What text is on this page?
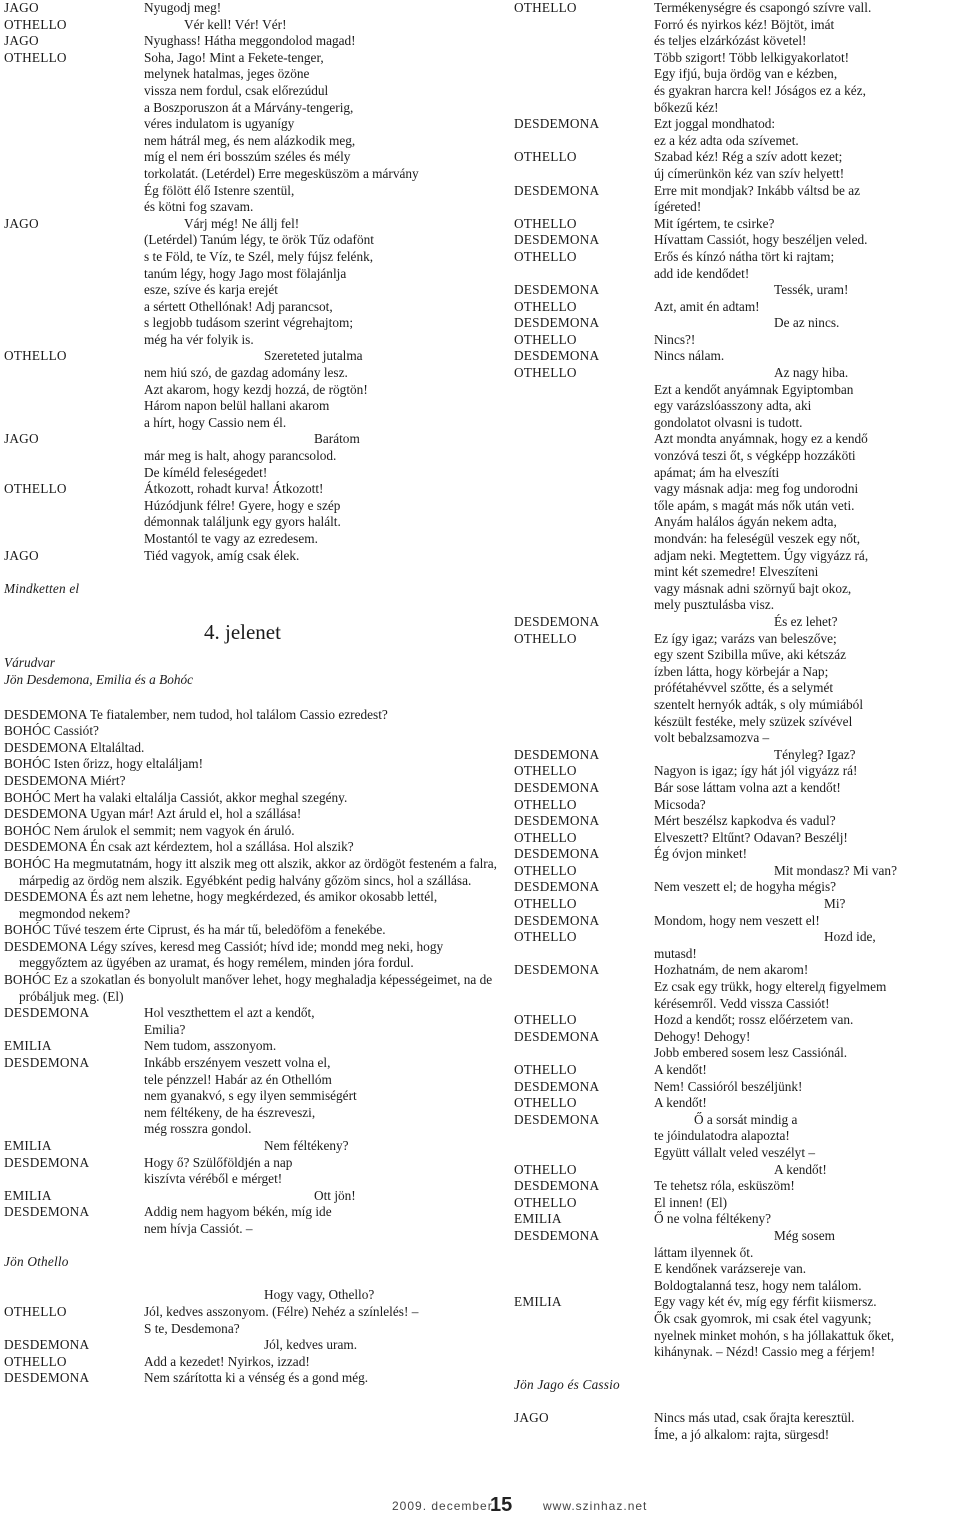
JAGO	Nyugodj meg!
OTHELLO	Vér kell! Vér! Vér!
JAGO	Nyughass! Hátha meggondolod magad!
OTHELLO	Soha, Jago! Mint a Fekete-tenger,
melynek hatalmas, jeges özöne
vissza nem fordul, csak előrezúdul
a Boszporuszon át a Márvány-tengerig,
véres indulatom is ugyanígy
nem hátrál meg, és nem alázkodik meg,
míg el nem éri bosszúm széles és mély
torkolatát. (Letérdel) Erre megesküszöm a márvány
Ég fölött élő Istenre szentül,
és kötni fog szavam.
JAGO	Várj még! Ne állj fel!
(Letérdel) Tanúm légy, te örök Tűz odafönt
s te Föld, te Víz, te Szél, mely fújsz felénk,
tanúm légy, hogy Jago most fölajánlja
esze, szíve és karja erejét
a sértett Othellónak! Adj parancsot,
s legjobb tudásom szerint végrehajtom;
még ha vér folyik is.
OTHELLO	Szereteted jutalma
nem hiú szó, de gazdag adomány lesz.
Azt akarom, hogy kezdj hozzá, de rögtön!
Három napon belül hallani akarom
a hírt, hogy Cassio nem él.
JAGO	Barátom
már meg is halt, ahogy parancsolod.
De kíméld feleségedet!
OTHELLO	Átkozott, rohadt kurva! Átkozott!
Húzódjunk félre! Gyere, hogy e szép
démonnak találjunk egy gyors halált.
Mostantól te vagy az ezredesem.
JAGO	Tiéd vagyok, amíg csak élek.
Mindketten el
4. jelenet
Várudvar
Jön Desdemona, Emilia és a Bohóc
DESDEMONA Te fiatalember, nem tudod, hol találom Cassio ezredest?
BOHÓC Cassiót?
DESDEMONA Eltaláltad.
BOHÓC Isten őrizz, hogy eltaláljam!
DESDEMONA Miért?
BOHÓC Mert ha valaki eltalálja Cassiót, akkor meghal szegény.
DESDEMONA Ugyan már! Azt áruld el, hol a szállása!
BOHÓC Nem árulok el semmit; nem vagyok én áruló.
DESDEMONA Én csak azt kérdeztem, hol a szállása. Hol alszik?
BOHÓC Ha megmutatnám, hogy itt alszik meg ott alszik, akkor az ördögöt festeném a falra, márpedig az ördög nem alszik. Egyébként pedig halvány gőzöm sincs, hol a szállása.
DESDEMONA És azt nem lehetne, hogy megkérdezed, és amikor okosabb lettél, megmondod nekem?
BOHÓC Tűvé teszem érte Ciprust, és ha már tű, beledöföm a fenekébe.
DESDEMONA Légy szíves, keresd meg Cassiót; hívd ide; mondd meg neki, hogy meggyőztem az ügyében az uramat, és hogy remélem, minden jóra fordul.
BOHÓC Ez a szokatlan és bonyolult manőver lehet, hogy meghaladja képességeimet, na de próbáljuk meg. (El)
DESDEMONA	Hol veszthettem el azt a kendőt,
Emilia?
EMILIA	Nem tudom, asszonyom.
DESDEMONA	Inkább erszényem veszett volna el,
tele pénzzel! Habár az én Othellóm
nem gyanakvó, s egy ilyen semmiségért
nem féltékeny, de ha észreveszi,
még rosszra gondol.
EMILIA	Nem féltékeny?
DESDEMONA	Hogy ő? Szülőföldjén a nap
kiszívta véréből e mérget!
EMILIA	Ott jön!
DESDEMONA	Addig nem hagyom békén, míg ide
nem hívja Cassiót. –
Jön Othello
Hogy vagy, Othello?
OTHELLO	Jól, kedves asszonyom. (Félre) Nehéz a színlelés! –
S te, Desdemona?
DESDEMONA	Jól, kedves uram.
OTHELLO	Add a kezedet! Nyirkos, izzad!
DESDEMONA	Nem szárította ki a vénség és a gond még.
OTHELLO	Termékenységre és csapongó szívre vall.
Forró és nyirkos kéz! Böjtöt, imát
és teljes elzárkózást követel!
Több szigort! Több lelkigyakorlatot!
Egy ifjú, buja ördög van e kézben,
és gyakran harcra kel! Jóságos ez a kéz,
bőkezű kéz!
DESDEMONA	Ezt joggal mondhatod:
ez a kéz adta oda szívemet.
OTHELLO	Szabad kéz! Rég a szív adott kezet;
új címerünkön kéz van szív helyett!
DESDEMONA	Erre mit mondjak? Inkább váltsd be az
ígéreted!
OTHELLO	Mit ígértem, te csirke?
DESDEMONA	Hívattam Cassiót, hogy beszéljen veled.
OTHELLO	Erős és kínzó nátha tört ki rajtam;
add ide kendődet!
DESDEMONA	Tessék, uram!
OTHELLO	Azt, amit én adtam!
DESDEMONA	De az nincs.
OTHELLO	Nincs?!
DESDEMONA	Nincs nálam.
OTHELLO	Az nagy hiba.
Ezt a kendőt anyámnak Egyiptomban
egy varázslóasszony adta, aki
gondolatot olvasni is tudott.
Azt mondta anyámnak, hogy ez a kendő
vonzóvá teszi őt, s végképp hozzáköti
apámat; ám ha elveszíti
vagy másnak adja: meg fog undorodni
tőle apám, s magát más nők után veti.
Anyám halálos ágyán nekem adta,
mondván: ha feleségül veszek egy nőt,
adjam neki. Megtettem. Úgy vigyázz rá,
mint két szemedre! Elveszíteni
vagy másnak adni szörnyű bajt okoz,
mely pusztulásba visz.
DESDEMONA	És ez lehet?
OTHELLO	Ez így igaz; varázs van beleszőve;
egy szent Szibilla műve, aki kétszáz
ízben látta, hogy körbejár a Nap;
prófétahévvel szőtte, és a selymét
szentelt hernyók adták, s oly múmiából
készült festéke, mely szüzek szívével
volt bebalzsamozva –
DESDEMONA	Tényleg? Igaz?
OTHELLO	Nagyon is igaz; így hát jól vigyázz rá!
DESDEMONA	Bár sose láttam volna azt a kendőt!
OTHELLO	Micsoda?
DESDEMONA	Mért beszélsz kapkodva és vadul?
OTHELLO	Elveszett? Eltűnt? Odavan? Beszélj!
DESDEMONA	Ég óvjon minket!
OTHELLO	Mit mondasz? Mi van?
DESDEMONA	Nem veszett el; de hogyha mégis?
OTHELLO	Mi?
DESDEMONA	Mondom, hogy nem veszett el!
OTHELLO	Hozd ide,
mutasd!
DESDEMONA	Hozhatnám, de nem akarom!
Ez csak egy trükk, hogy elterelд figyelmem
kérésemről. Vedd vissza Cassiót!
OTHELLO	Hozd a kendőt; rossz előérzetem van.
DESDEMONA	Dehogy! Dehogy!
Jobb embered sosem lesz Cassiónál.
OTHELLO	A kendőt!
DESDEMONA	Nem! Cassióról beszéljünk!
OTHELLO	A kendőt!
DESDEMONA	Ő a sorsát mindig a
te jóindulatodra alapozta!
Együtt vállalt veled veszélyt –
OTHELLO	A kendőt!
DESDEMONA	Te tehetsz róla, esküszöm!
OTHELLO	El innen! (El)
EMILIA	Ő ne volna féltékeny?
DESDEMONA	Még sosem
láttam ilyennek őt.
E kendőnek varázsereje van.
Boldogtalanná tesz, hogy nem találom.
EMILIA	Egy vagy két év, míg egy férfit kiismersz.
Ők csak gyomrok, mi csak étel vagyunk;
nyelnek minket mohón, s ha jóllakattuk őket,
kihánynak. – Nézd! Cassio meg a férjem!
Jön Jago és Cassio
JAGO	Nincs más utad, csak őrajta keresztül.
Íme, a jó alkalom: rajta, sürgesd!
2009. december
15	www.szinhaz.net
